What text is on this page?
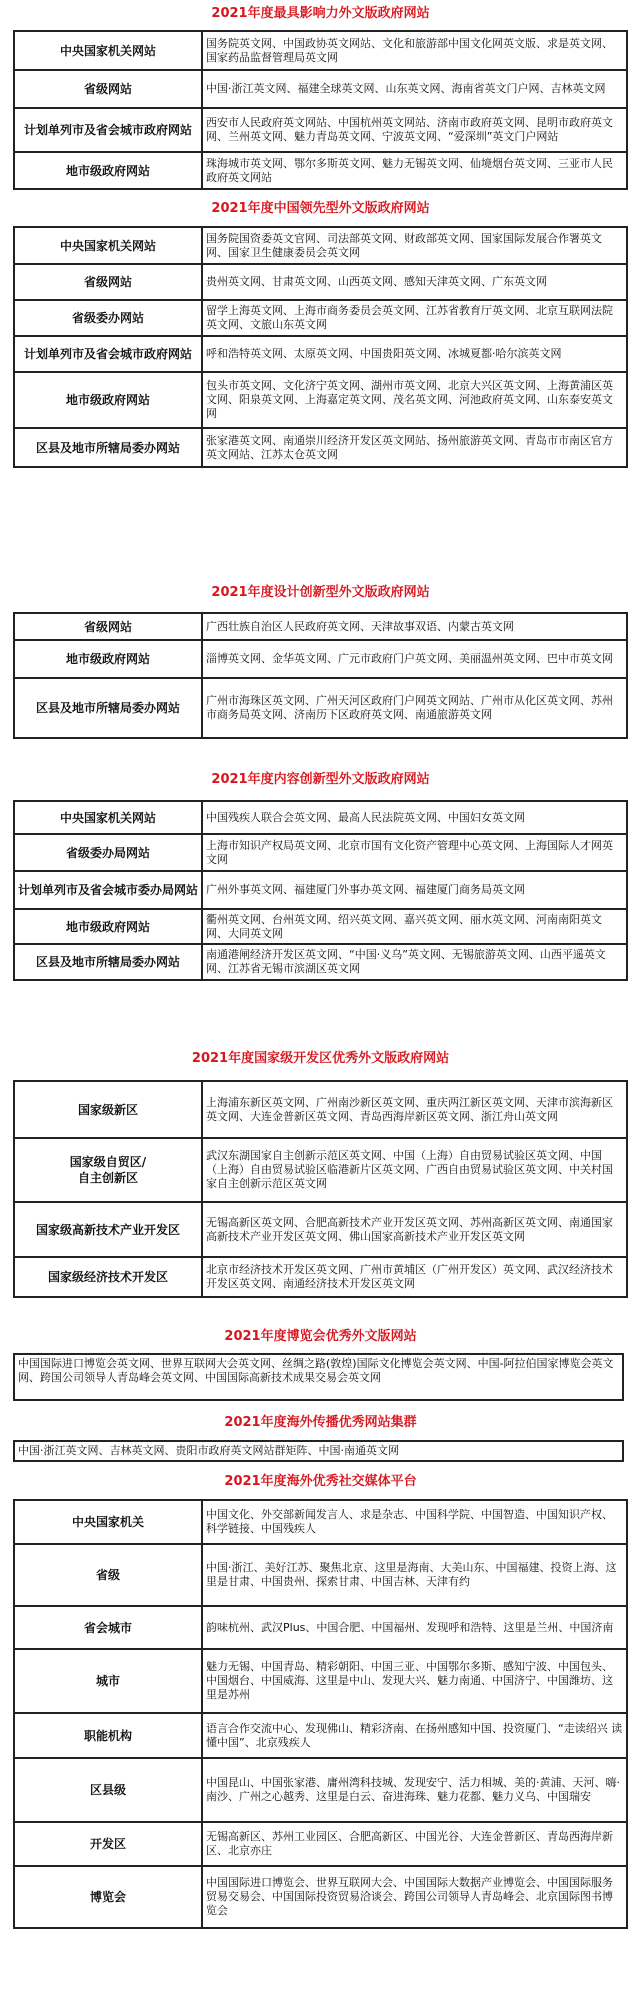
2021年度最具影响力外文版政府网站
中央国家机关网站	国务院英文网、中国政协英文网站、文化和旅游部中国文化网英文版、求是英文网、国家药品监督管理局英文网
省级网站	中国·浙江英文网、福建全球英文网、山东英文网、海南省英文门户网、吉林英文网
计划单列市及省会城市政府网站	西安市人民政府英文网站、中国杭州英文网站、济南市政府英文网、昆明市政府英文网、兰州英文网、魅力青岛英文网、宁波英文网、“爱深圳”英文门户网站
地市级政府网站	珠海城市英文网、鄂尔多斯英文网、魅力无锡英文网、仙境烟台英文网、三亚市人民政府英文网站
2021年度中国领先型外文版政府网站
中央国家机关网站	国务院国资委英文官网、司法部英文网、财政部英文网、国家国际发展合作署英文网、国家卫生健康委员会英文网
省级网站	贵州英文网、甘肃英文网、山西英文网、感知天津英文网、广东英文网
省级委办网站	留学上海英文网、上海市商务委员会英文网、江苏省教育厅英文网、北京互联网法院英文网、文旅山东英文网
计划单列市及省会城市政府网站	呼和浩特英文网、太原英文网、中国贵阳英文网、冰城夏都·哈尔滨英文网
地市级政府网站	包头市英文网、文化济宁英文网、湖州市英文网、北京大兴区英文网、上海黄浦区英文网、阳泉英文网、上海嘉定英文网、茂名英文网、河池政府英文网、山东泰安英文网
区县及地市所辖局委办网站	张家港英文网、南通崇川经济开发区英文网站、扬州旅游英文网、青岛市市南区官方英文网站、江苏太仓英文网
2021年度设计创新型外文版政府网站
省级网站	广西壮族自治区人民政府英文网、天津故事双语、内蒙古英文网
地市级政府网站	淄博英文网、金华英文网、广元市政府门户英文网、美丽温州英文网、巴中市英文网
区县及地市所辖局委办网站	广州市海珠区英文网、广州天河区政府门户网英文网站、广州市从化区英文网、苏州市商务局英文网、济南历下区政府英文网、南通旅游英文网
2021年度内容创新型外文版政府网站
中央国家机关网站	中国残疾人联合会英文网、最高人民法院英文网、中国妇女英文网
省级委办局网站	上海市知识产权局英文网、北京市国有文化资产管理中心英文网、上海国际人才网英文网
计划单列市及省会城市委办局网站	广州外事英文网、福建厦门外事办英文网、福建厦门商务局英文网
地市级政府网站	衢州英文网、台州英文网、绍兴英文网、嘉兴英文网、丽水英文网、河南南阳英文网、大同英文网
区县及地市所辖局委办网站	南通港闸经济开发区英文网、“中国·义乌”英文网、无锡旅游英文网、山西平遥英文网、江苏省无锡市滨湖区英文网
2021年度国家级开发区优秀外文版政府网站
国家级新区	上海浦东新区英文网、广州南沙新区英文网、重庆两江新区英文网、天津市滨海新区英文网、大连金普新区英文网、青岛西海岸新区英文网、浙江舟山英文网
国家级自贸区/
自主创新区	武汉东湖国家自主创新示范区英文网、中国（上海）自由贸易试验区英文网、中国（上海）自由贸易试验区临港新片区英文网、广西自由贸易试验区英文网、中关村国家自主创新示范区英文网
国家级高新技术产业开发区	无锡高新区英文网、合肥高新技术产业开发区英文网、苏州高新区英文网、南通国家高新技术产业开发区英文网、佛山国家高新技术产业开发区英文网
国家级经济技术开发区	北京市经济技术开发区英文网、广州市黄埔区（广州开发区）英文网、武汉经济技术开发区英文网、南通经济技术开发区英文网
2021年度博览会优秀外文版网站
中国国际进口博览会英文网、世界互联网大会英文网、丝绸之路(敦煌)国际文化博览会英文网、中国-阿拉伯国家博览会英文网、跨国公司领导人青岛峰会英文网、中国国际高新技术成果交易会英文网
2021年度海外传播优秀网站集群
中国·浙江英文网、吉林英文网、贵阳市政府英文网站群矩阵、中国·南通英文网
2021年度海外优秀社交媒体平台
中央国家机关	中国文化、外交部新闻发言人、求是杂志、中国科学院、中国智造、中国知识产权、科学链接、中国残疾人
省级	中国·浙江、美好江苏、聚焦北京、这里是海南、大美山东、中国福建、投资上海、这里是甘肃、中国贵州、探索甘肃、中国吉林、天津有约
省会城市	韵味杭州、武汉Plus、中国合肥、中国福州、发现呼和浩特、这里是兰州、中国济南
城市	魅力无锡、中国青岛、精彩朝阳、中国三亚、中国鄂尔多斯、感知宁波、中国包头、中国烟台、中国威海、这里是中山、发现大兴、魅力南通、中国济宁、中国潍坊、这里是苏州
职能机构	语言合作交流中心、发现佛山、精彩济南、在扬州感知中国、投资厦门、“走读绍兴 读懂中国”、北京残疾人
区县级	中国昆山、中国张家港、庸州湾科技城、发现安宁、活力相城、美的·黄浦、天河、嗨·南沙、广州之心越秀、这里是白云、奋进海珠、魅力花都、魅力义乌、中国瑞安
开发区	无锡高新区、苏州工业园区、合肥高新区、中国光谷、大连金普新区、青岛西海岸新区、北京亦庄
博览会	中国国际进口博览会、世界互联网大会、中国国际大数据产业博览会、中国国际服务贸易交易会、中国国际投资贸易洽谈会、跨国公司领导人青岛峰会、北京国际图书博览会
